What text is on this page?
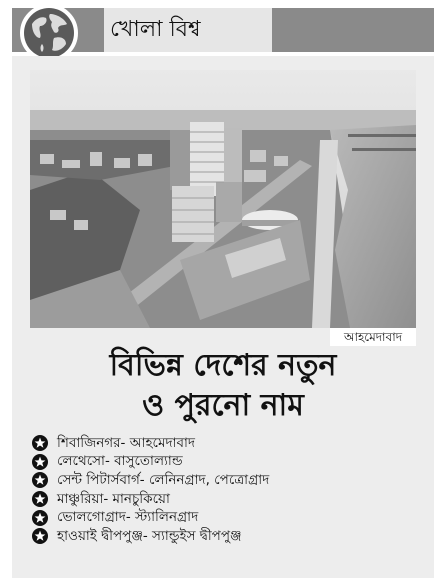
খোলা বিশ্ব
আহমেদাবাদ
বিভিন্ন দেশের নতুন
ও পুরনো নাম
শিবাজিনগর- আহমেদাবাদ
লেথেসো- বাসুতোল্যান্ড
সেন্ট পিটার্সবার্গ- লেনিনগ্রাদ, পেত্রোগ্রাদ
মাঞ্চুরিয়া- মানচুকিয়ো
ভোলগোগ্রাদ- স্ট্যালিনগ্রাদ
হাওয়াই দ্বীপপুঞ্জ- স্যান্ডুইস দ্বীপপুঞ্জ
